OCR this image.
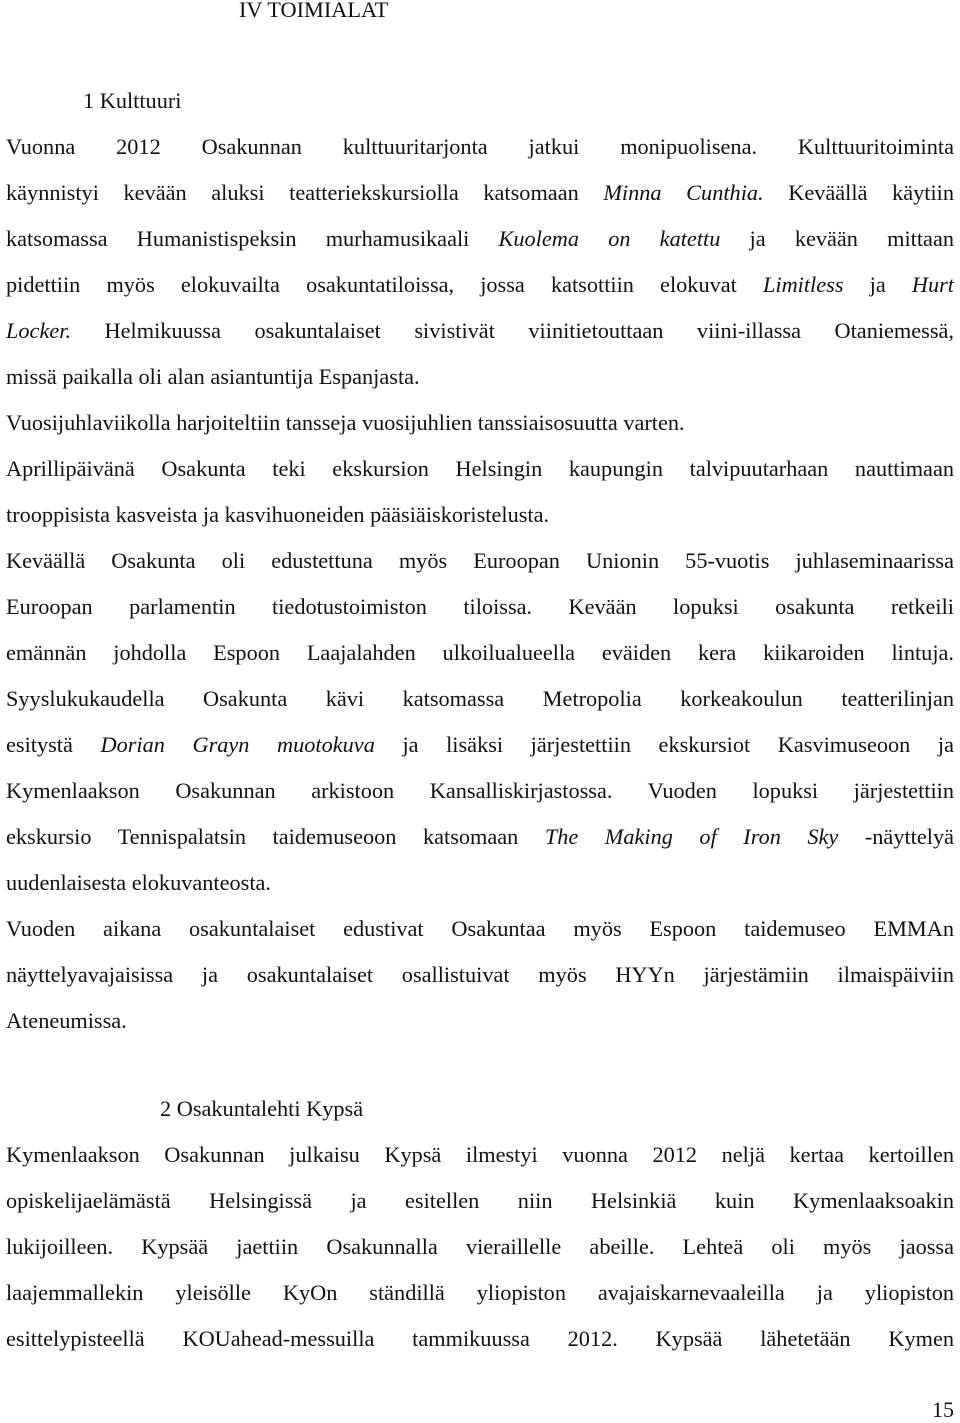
IV TOIMIALAT
1 Kulttuuri
Vuonna 2012 Osakunnan kulttuuritarjonta jatkui monipuolisena. Kulttuuritoiminta
käynnistyi kevään aluksi teatteriekskursiolla katsomaan Minna Cunthia. Keväällä käytiin
katsomassa Humanistispeksin murhamusikaali Kuolema on katettu ja kevään mittaan
pidettiin myös elokuvailta osakuntatiloissa, jossa katsottiin elokuvat Limitless ja Hurt
Locker. Helmikuussa osakuntalaiset sivistivät viinitietouttaan viini-illassa Otaniemessä,
missä paikalla oli alan asiantuntija Espanjasta.
Vuosijuhlaviikolla harjoiteltiin tansseja vuosijuhlien tanssiaisosuutta varten.
Aprillipäivänä Osakunta teki ekskursion Helsingin kaupungin talvipuutarhaan nauttimaan
trooppisista kasveista ja kasvihuoneiden pääsiäiskoristelusta.
Keväällä Osakunta oli edustettuna myös Euroopan Unionin 55-vuotis juhlaseminaarissa
Euroopan parlamentin tiedotustoimiston tiloissa. Kevään lopuksi osakunta retkeili
emännän johdolla Espoon Laajalahden ulkoilualueella eväiden kera kiikaroiden lintuja.
Syyslukukaudella Osakunta kävi katsomassa Metropolia korkeakoulun teatterilinjan
esitystä Dorian Grayn muotokuva ja lisäksi järjestettiin ekskursiot Kasvimuseoon ja
Kymenlaakson Osakunnan arkistoon Kansalliskirjastossa. Vuoden lopuksi järjestettiin
ekskursio Tennispalatsin taidemuseoon katsomaan The Making of Iron Sky -näyttelyä
uudenlaisesta elokuvanteosta.
Vuoden aikana osakuntalaiset edustivat Osakuntaa myös Espoon taidemuseo EMMAn
näyttelyavajaisissa ja osakuntalaiset osallistuivat myös HYYn järjestämiin ilmaispäiviin
Ateneumissa.
2 Osakuntalehti Kypsä
Kymenlaakson Osakunnan julkaisu Kypsä ilmestyi vuonna 2012 neljä kertaa kertoillen
opiskelijaelämästä Helsingissä ja esitellen niin Helsinkiä kuin Kymenlaaksoakin
lukijoilleen. Kypsää jaettiin Osakunnalla vieraillelle abeille. Lehteä oli myös jaossa
laajemmallekin yleisölle KyOn ständillä yliopiston avajaiskarnevaaleilla ja yliopiston
esittelypisteellä KOUahead-messuilla tammikuussa 2012. Kypsää lähetetään Kymen
15
